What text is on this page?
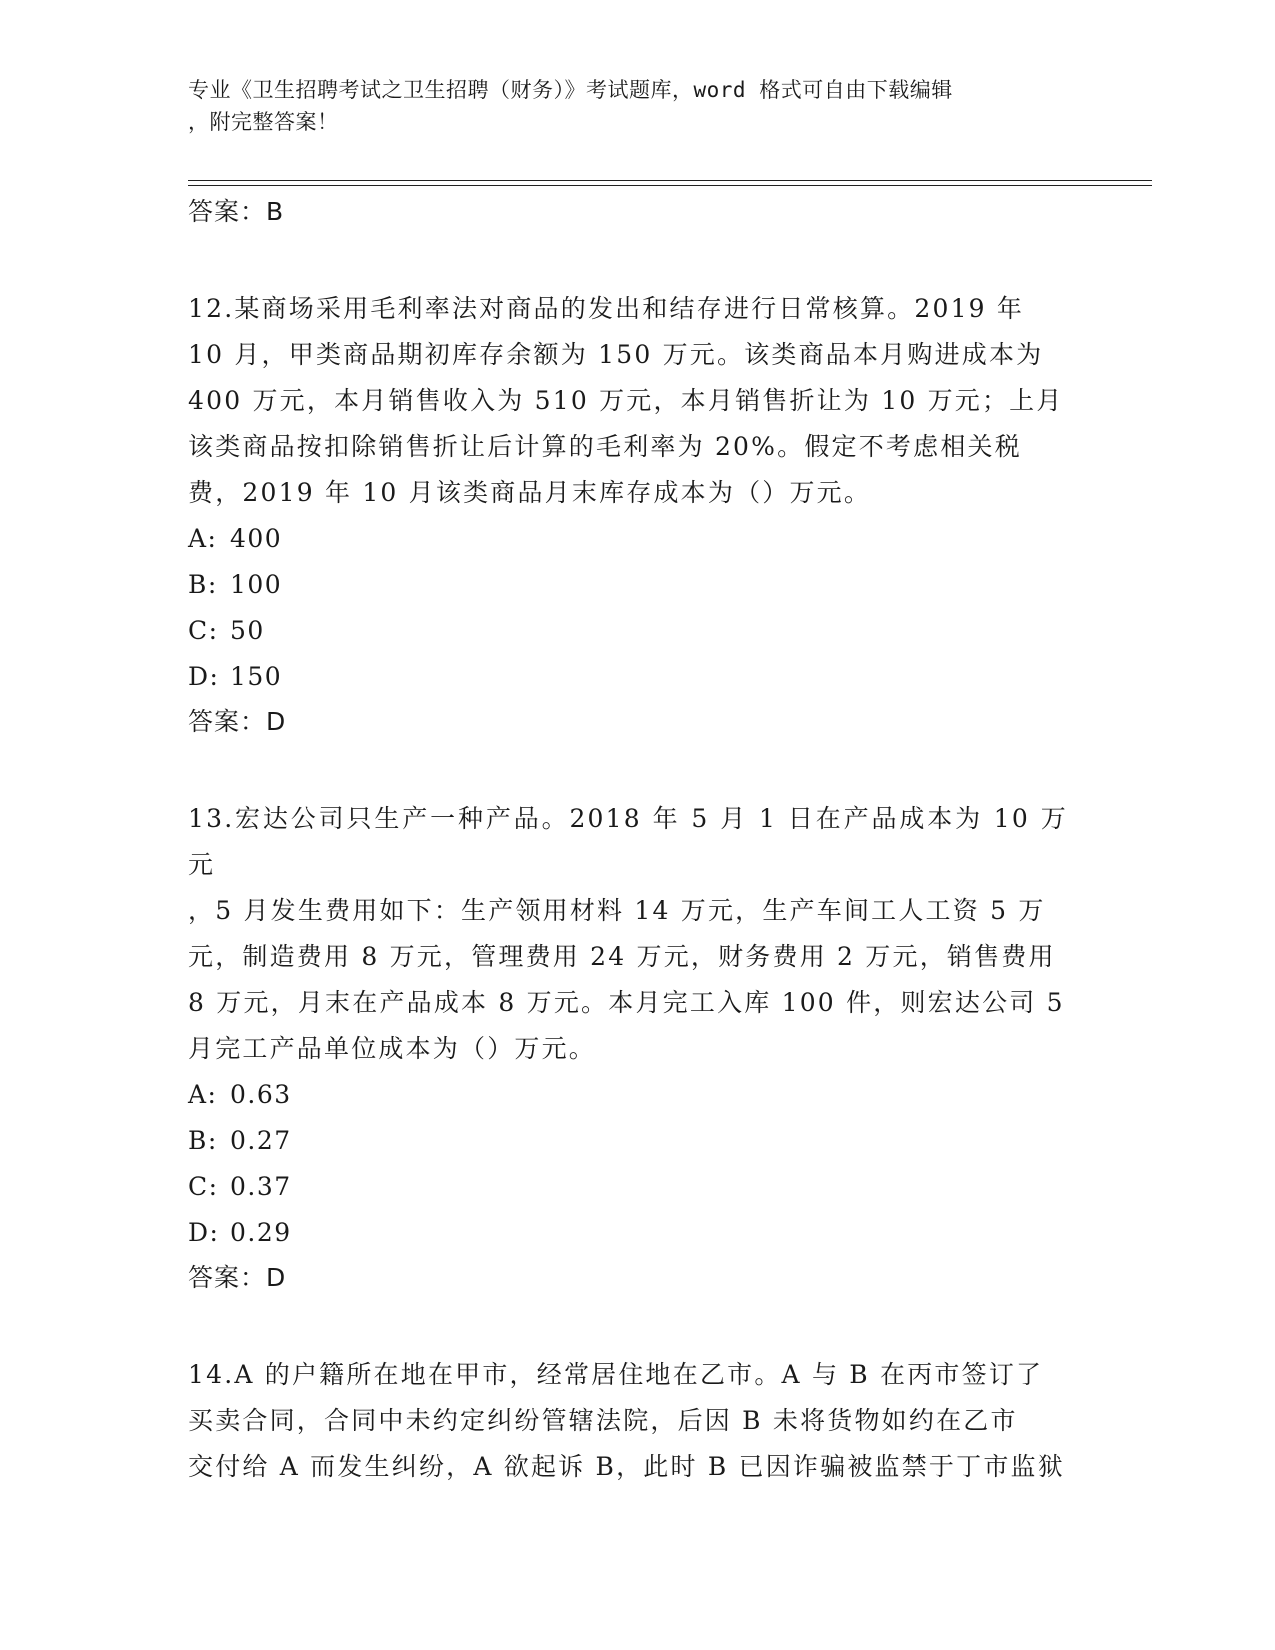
专业《卫生招聘考试之卫生招聘（财务）》考试题库，word 格式可自由下载编辑
，附完整答案！

答案：B

12.某商场采用毛利率法对商品的发出和结存进行日常核算。2019 年

10 月，甲类商品期初库存余额为 150 万元。该类商品本月购进成本为

400 万元，本月销售收入为 510 万元，本月销售折让为 10 万元；上月

该类商品按扣除销售折让后计算的毛利率为 20%。假定不考虑相关税

费，2019 年 10 月该类商品月末库存成本为（）万元。

A: 400

B: 100

C: 50

D: 150

答案：D

13.宏达公司只生产一种产品。2018 年 5 月 1 日在产品成本为 10 万元

，5 月发生费用如下：生产领用材料 14 万元，生产车间工人工资 5 万

元，制造费用 8 万元，管理费用 24 万元，财务费用 2 万元，销售费用

8 万元，月末在产品成本 8 万元。本月完工入库 100 件，则宏达公司 5

月完工产品单位成本为（）万元。

A: 0.63

B: 0.27

C: 0.37

D: 0.29

答案：D

14.A 的户籍所在地在甲市，经常居住地在乙市。A 与 B 在丙市签订了

买卖合同，合同中未约定纠纷管辖法院，后因 B 未将货物如约在乙市

交付给 A 而发生纠纷，A 欲起诉 B，此时 B 已因诈骗被监禁于丁市监狱
